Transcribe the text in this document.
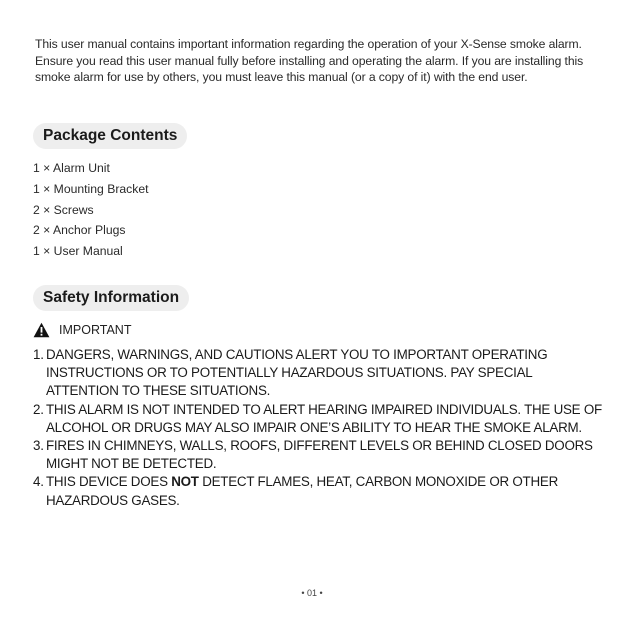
This user manual contains important information regarding the operation of your X-Sense smoke alarm. Ensure you read this user manual fully before installing and operating the alarm. If you are installing this smoke alarm for use by others, you must leave this manual (or a copy of it) with the end user.

Package Contents
1 × Alarm Unit
1 × Mounting Bracket
2 × Screws
2 × Anchor Plugs
1 × User Manual
Safety Information
IMPORTANT
1. DANGERS, WARNINGS, AND CAUTIONS ALERT YOU TO IMPORTANT OPERATING INSTRUCTIONS OR TO POTENTIALLY HAZARDOUS SITUATIONS. PAY SPECIAL ATTENTION TO THESE SITUATIONS.
2. THIS ALARM IS NOT INTENDED TO ALERT HEARING IMPAIRED INDIVIDUALS. THE USE OF ALCOHOL OR DRUGS MAY ALSO IMPAIR ONE’S ABILITY TO HEAR THE SMOKE ALARM.
3. FIRES IN CHIMNEYS, WALLS, ROOFS, DIFFERENT LEVELS OR BEHIND CLOSED DOORS MIGHT NOT BE DETECTED.
4. THIS DEVICE DOES NOT DETECT FLAMES, HEAT, CARBON MONOXIDE OR OTHER HAZARDOUS GASES.
• 01 •
